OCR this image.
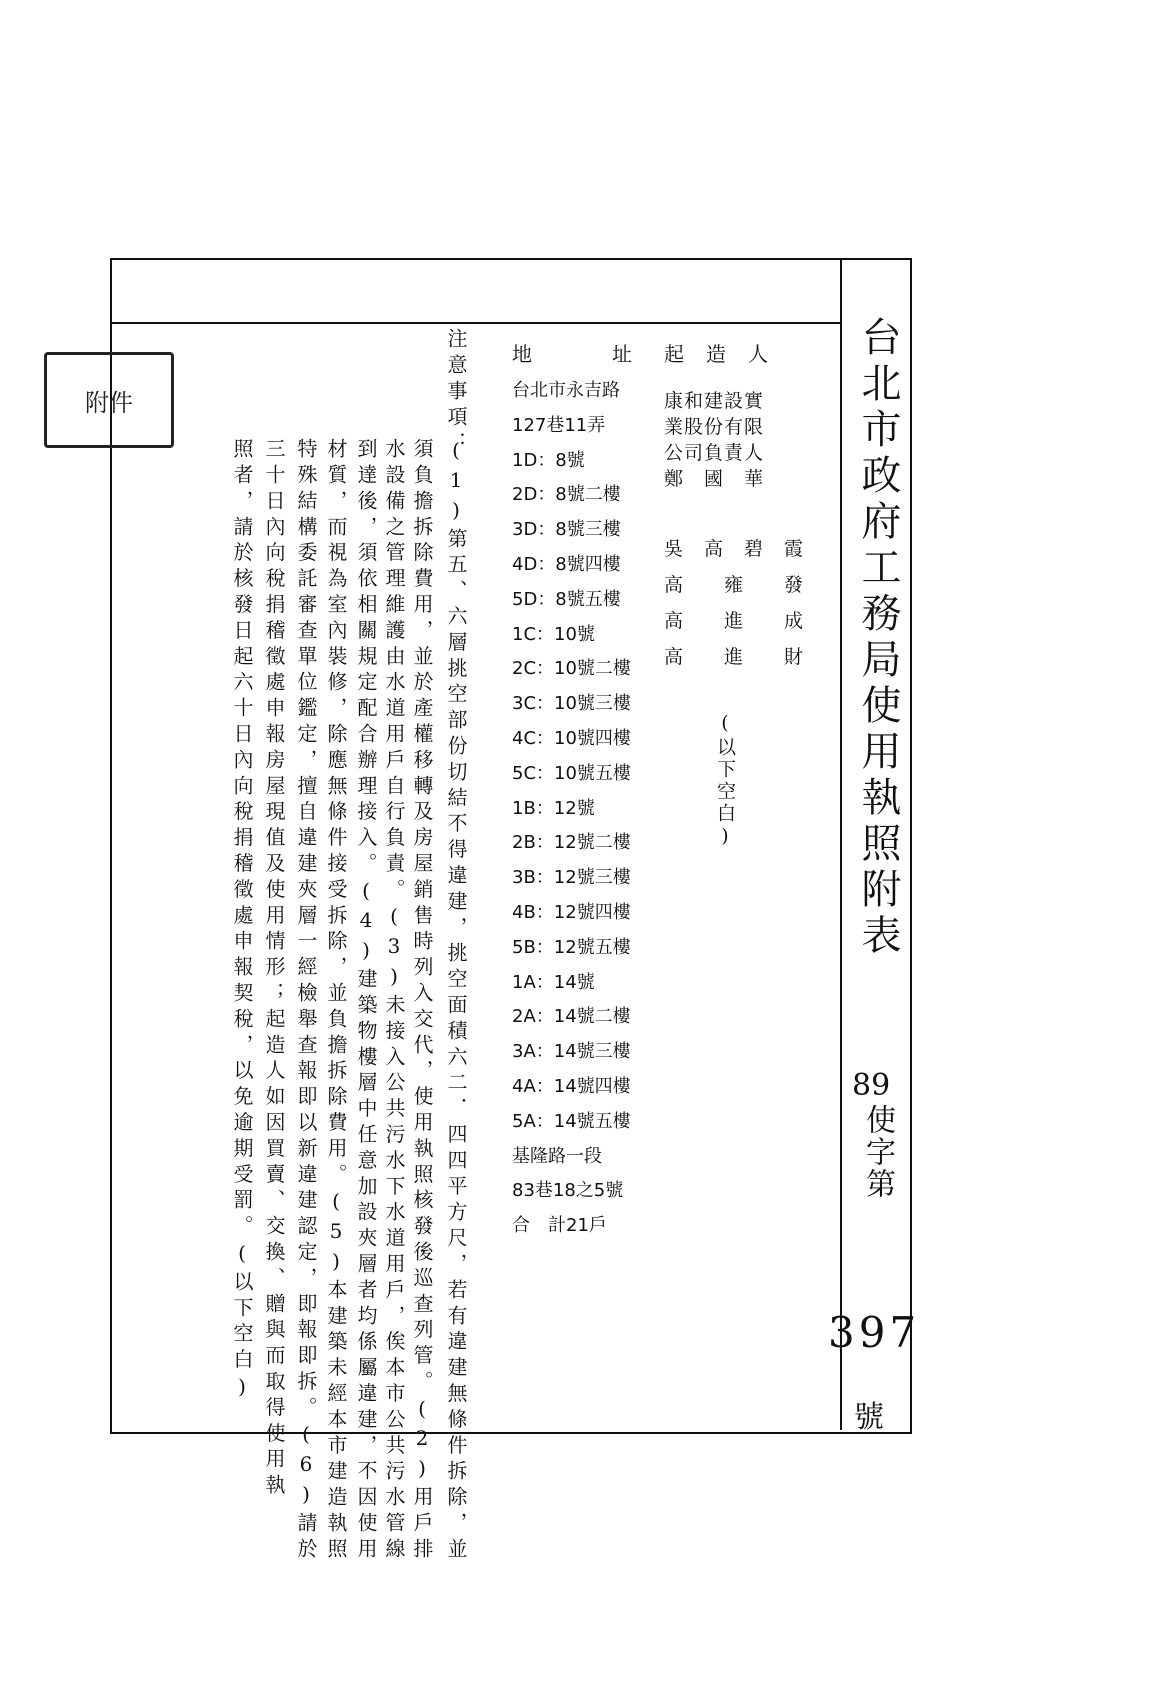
台北市政府工務局使用執照附表
89
使字第
397
號
附件
起造人
康和建設實
業股份有限
公司負責人
鄭　國　華
吳　高　碧　霞
高　　雍　　發
高　　進　　成
高　　進　　財
(以下空白)
地	址
台北市永吉路
127巷11弄
1D：8號
2D：8號二樓
3D：8號三樓
4D：8號四樓
5D：8號五樓
1C：10號
2C：10號二樓
3C：10號三樓
4C：10號四樓
5C：10號五樓
1B：12號
2B：12號二樓
3B：12號三樓
4B：12號四樓
5B：12號五樓
1A：14號
2A：14號二樓
3A：14號三樓
4A：14號四樓
5A：14號五樓
基隆路一段
83巷18之5號
合　計21戶
注意事項：
(1)第五、六層挑空部份切結不得違建，挑空面積六二．四四平方尺，若有違建無條件拆除，並
須負擔拆除費用，並於產權移轉及房屋銷售時列入交代，使用執照核發後巡查列管。(2)用戶排
水設備之管理維護由水道用戶自行負責。(3)未接入公共污水下水道用戶，俟本市公共污水管線
到達後，須依相關規定配合辦理接入。(4)建築物樓層中任意加設夾層者均係屬違建，不因使用
材質，而視為室內裝修，除應無條件接受拆除，並負擔拆除費用。(5)本建築未經本市建造執照
特殊結構委託審查單位鑑定，擅自違建夾層一經檢舉查報即以新違建認定，即報即拆。(6)請於
三十日內向稅捐稽徵處申報房屋現值及使用情形；起造人如因買賣、交換、贈與而取得使用執
照者，請於核發日起六十日內向稅捐稽徵處申報契稅，以免逾期受罰。(以下空白)
